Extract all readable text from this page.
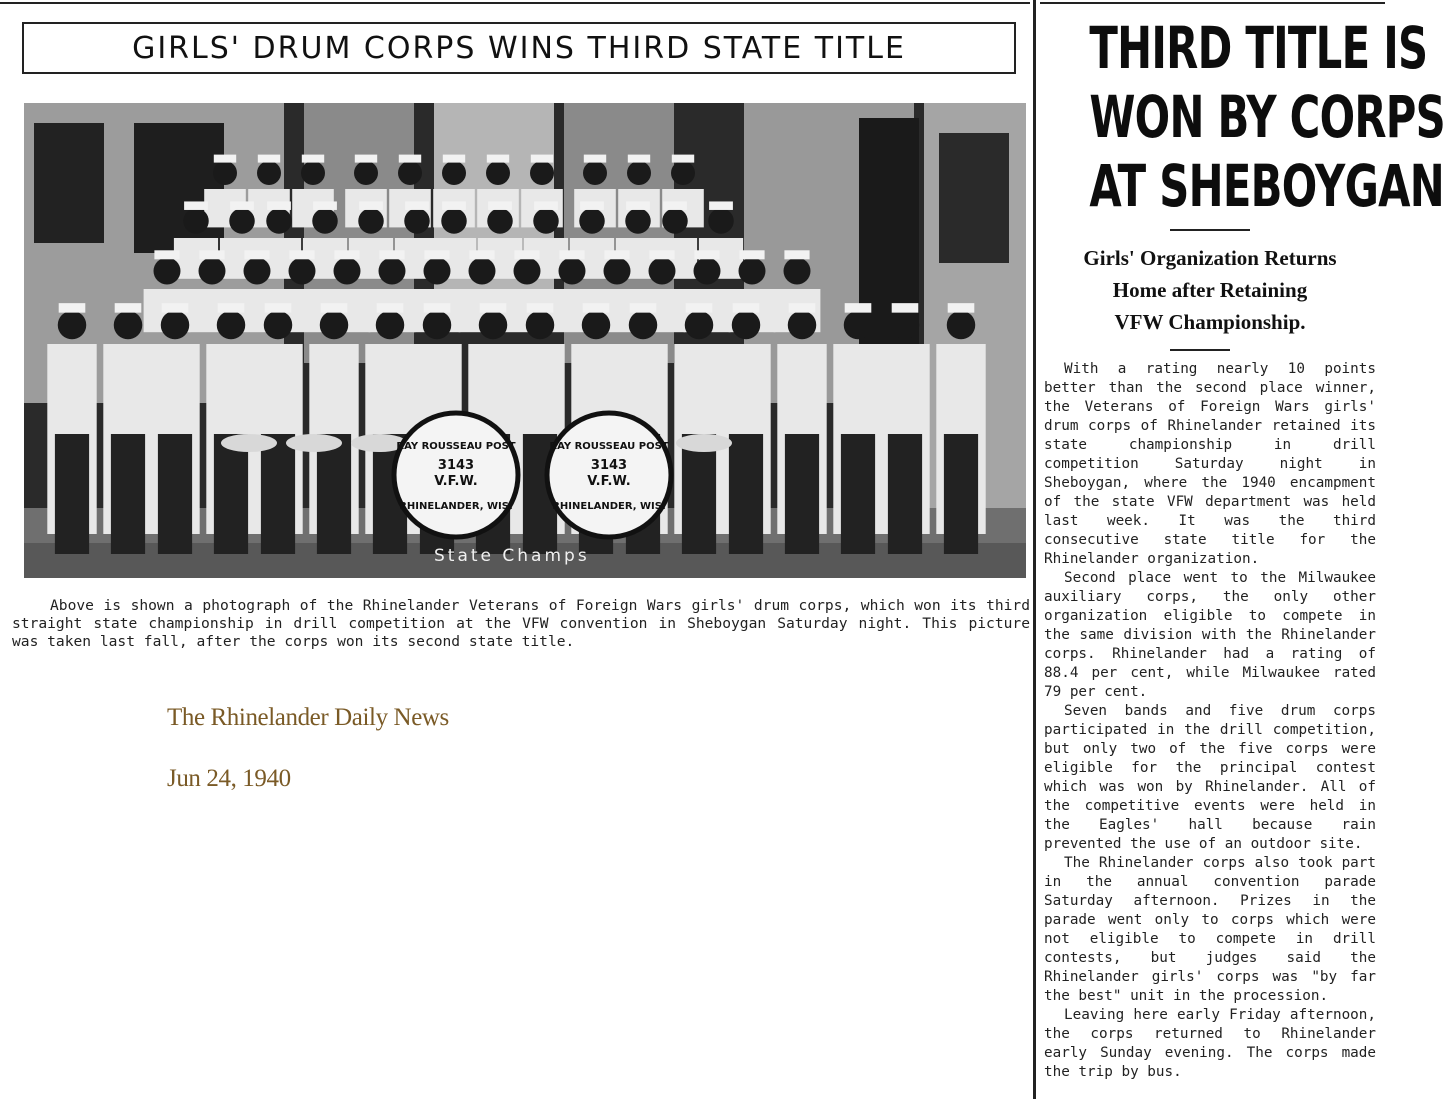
GIRLS' DRUM CORPS WINS THIRD STATE TITLE
RAY ROUSSEAU POST
3143
V.F.W.
RHINELANDER, WIS.
RAY ROUSSEAU POST
3143
V.F.W.
RHINELANDER, WIS.
State Champs
Above is shown a photograph of the Rhinelander Veterans of Foreign Wars girls' drum corps, which won its third straight state championship in drill competition at the VFW convention in Sheboygan Saturday night. This picture was taken last fall, after the corps won its second state title.
The Rhinelander Daily News
Jun 24, 1940
THIRD TITLE IS
WON BY CORPS
AT SHEBOYGAN
Girls' Organization Returns
Home after Retaining
VFW Championship.

With a rating nearly 10 points better than the second place winner, the Veterans of Foreign Wars girls' drum corps of Rhinelander retained its state championship in drill competition Saturday night in Sheboygan, where the 1940 encampment of the state VFW department was held last week. It was the third consecutive state title for the Rhinelander organization.

Second place went to the Milwaukee auxiliary corps, the only other organization eligible to compete in the same division with the Rhinelander corps. Rhinelander had a rating of 88.4 per cent, while Milwaukee rated 79 per cent.

Seven bands and five drum corps participated in the drill competition, but only two of the five corps were eligible for the principal contest which was won by Rhinelander. All of the competitive events were held in the Eagles' hall because rain prevented the use of an outdoor site.

The Rhinelander corps also took part in the annual convention parade Saturday afternoon. Prizes in the parade went only to corps which were not eligible to compete in drill contests, but judges said the Rhinelander girls' corps was "by far the best" unit in the procession.

Leaving here early Friday afternoon, the corps returned to Rhinelander early Sunday evening. The corps made the trip by bus.
